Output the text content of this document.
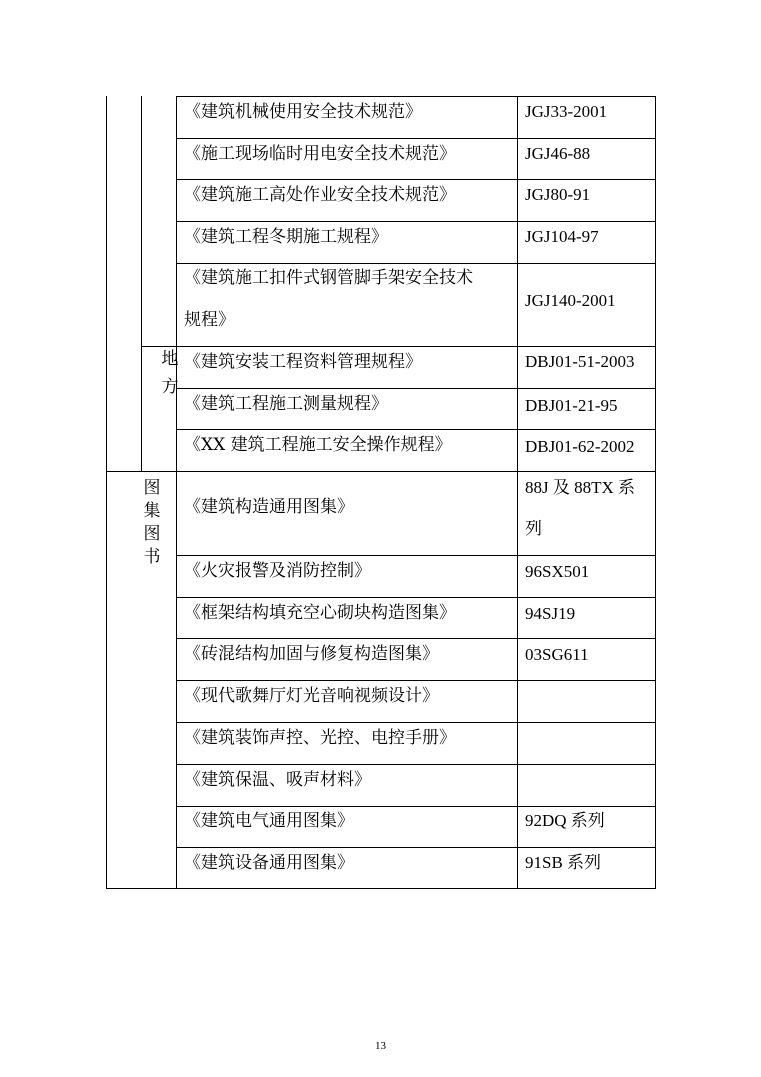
地
方
图
集
图
书
《建筑机械使用安全技术规范》
《施工现场临时用电安全技术规范》
《建筑施工高处作业安全技术规范》
《建筑工程冬期施工规程》
《建筑施工扣件式钢管脚手架安全技术
规程》
《建筑安装工程资料管理规程》
《建筑工程施工测量规程》
《XX 建筑工程施工安全操作规程》
《建筑构造通用图集》
《火灾报警及消防控制》
《框架结构填充空心砌块构造图集》
《砖混结构加固与修复构造图集》
《现代歌舞厅灯光音响视频设计》
《建筑装饰声控、光控、电控手册》
《建筑保温、吸声材料》
《建筑电气通用图集》
《建筑设备通用图集》
JGJ33-2001
JGJ46-88
JGJ80-91
JGJ104-97
JGJ140-2001
DBJ01-51-2003
DBJ01-21-95
DBJ01-62-2002
88J 及 88TX 系
列
96SX501
94SJ19
03SG611
92DQ 系列
91SB 系列
13
